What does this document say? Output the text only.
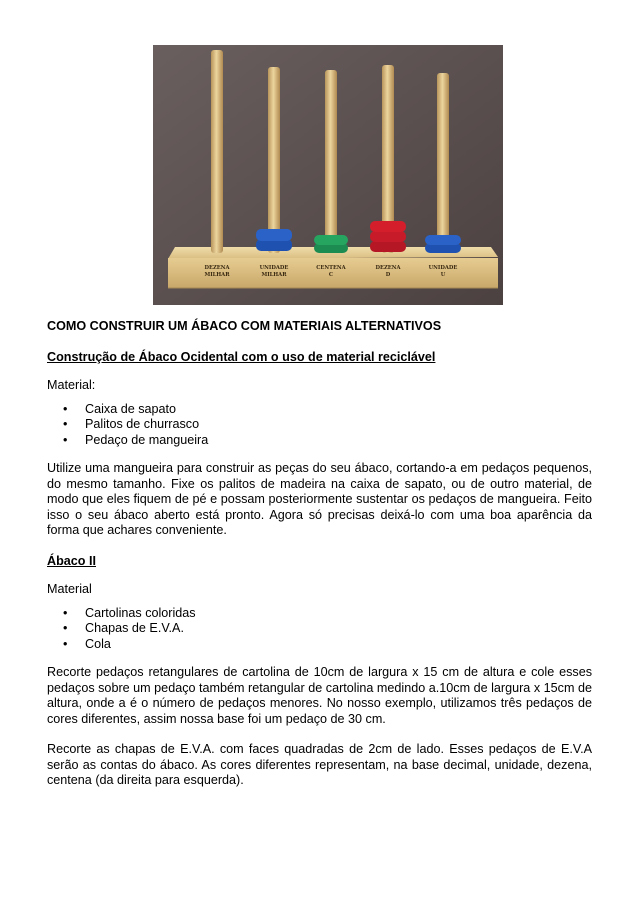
DEZENA
MILHAR
UNIDADE
MILHAR
CENTENA
C
DEZENA
D
UNIDADE
U

COMO CONSTRUIR UM ÁBACO COM MATERIAIS ALTERNATIVOS

Construção de Ábaco Ocidental com o uso de material reciclável

Material:

• Caixa de sapato
• Palitos de churrasco
• Pedaço de mangueira

Utilize uma mangueira para construir as peças do seu ábaco, cortando-a em pedaços pequenos, do mesmo tamanho. Fixe os palitos de madeira na caixa de sapato, ou de outro material, de modo que eles fiquem de pé e possam posteriormente sustentar os pedaços de mangueira. Feito isso o seu ábaco aberto está pronto. Agora só precisas deixá-lo com uma boa aparência da forma que achares conveniente.

Ábaco II

Material

• Cartolinas coloridas
• Chapas de E.V.A.
• Cola

Recorte pedaços retangulares de cartolina de 10cm de largura x 15 cm de altura e cole esses pedaços sobre um pedaço também retangular de cartolina medindo a.10cm de largura x 15cm de altura, onde a é o número de pedaços menores. No nosso exemplo, utilizamos três pedaços de cores diferentes, assim nossa base foi um pedaço de 30 cm.

Recorte as chapas de E.V.A. com faces quadradas de 2cm de lado. Esses pedaços de E.V.A serão as contas do ábaco. As cores diferentes representam, na base decimal, unidade, dezena, centena (da direita para esquerda).
